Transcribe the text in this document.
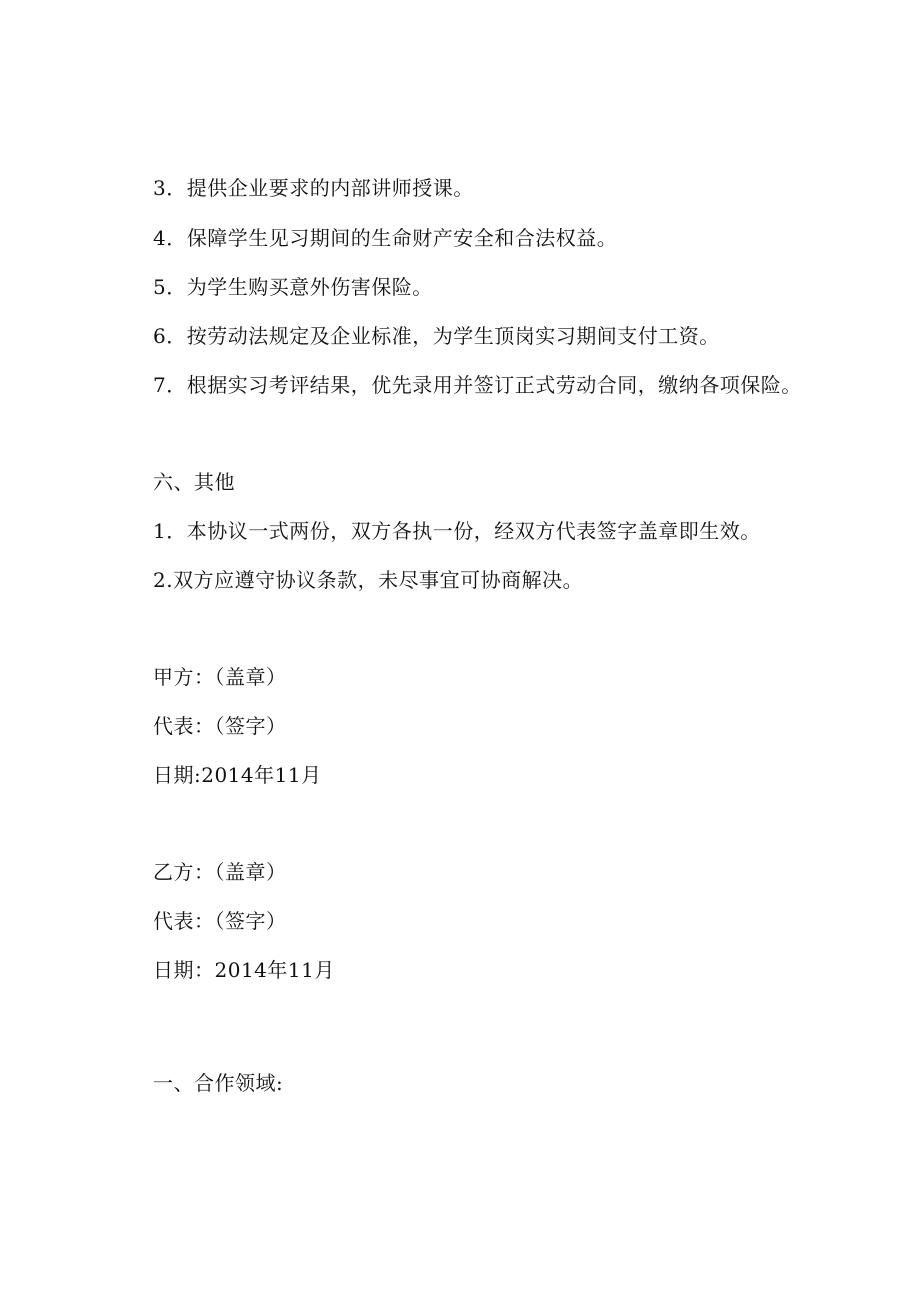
3．提供企业要求的内部讲师授课。
4．保障学生见习期间的生命财产安全和合法权益。
5．为学生购买意外伤害保险。
6．按劳动法规定及企业标准，为学生顶岗实习期间支付工资。
7．根据实习考评结果，优先录用并签订正式劳动合同，缴纳各项保险。
六、其他
1．本协议一式两份，双方各执一份，经双方代表签字盖章即生效。
2.双方应遵守协议条款，未尽事宜可协商解决。
甲方：（盖章）
代表：（签字）
日期:2014年11月
乙方：（盖章）
代表：（签字）
日期：2014年11月
一、合作领域:
